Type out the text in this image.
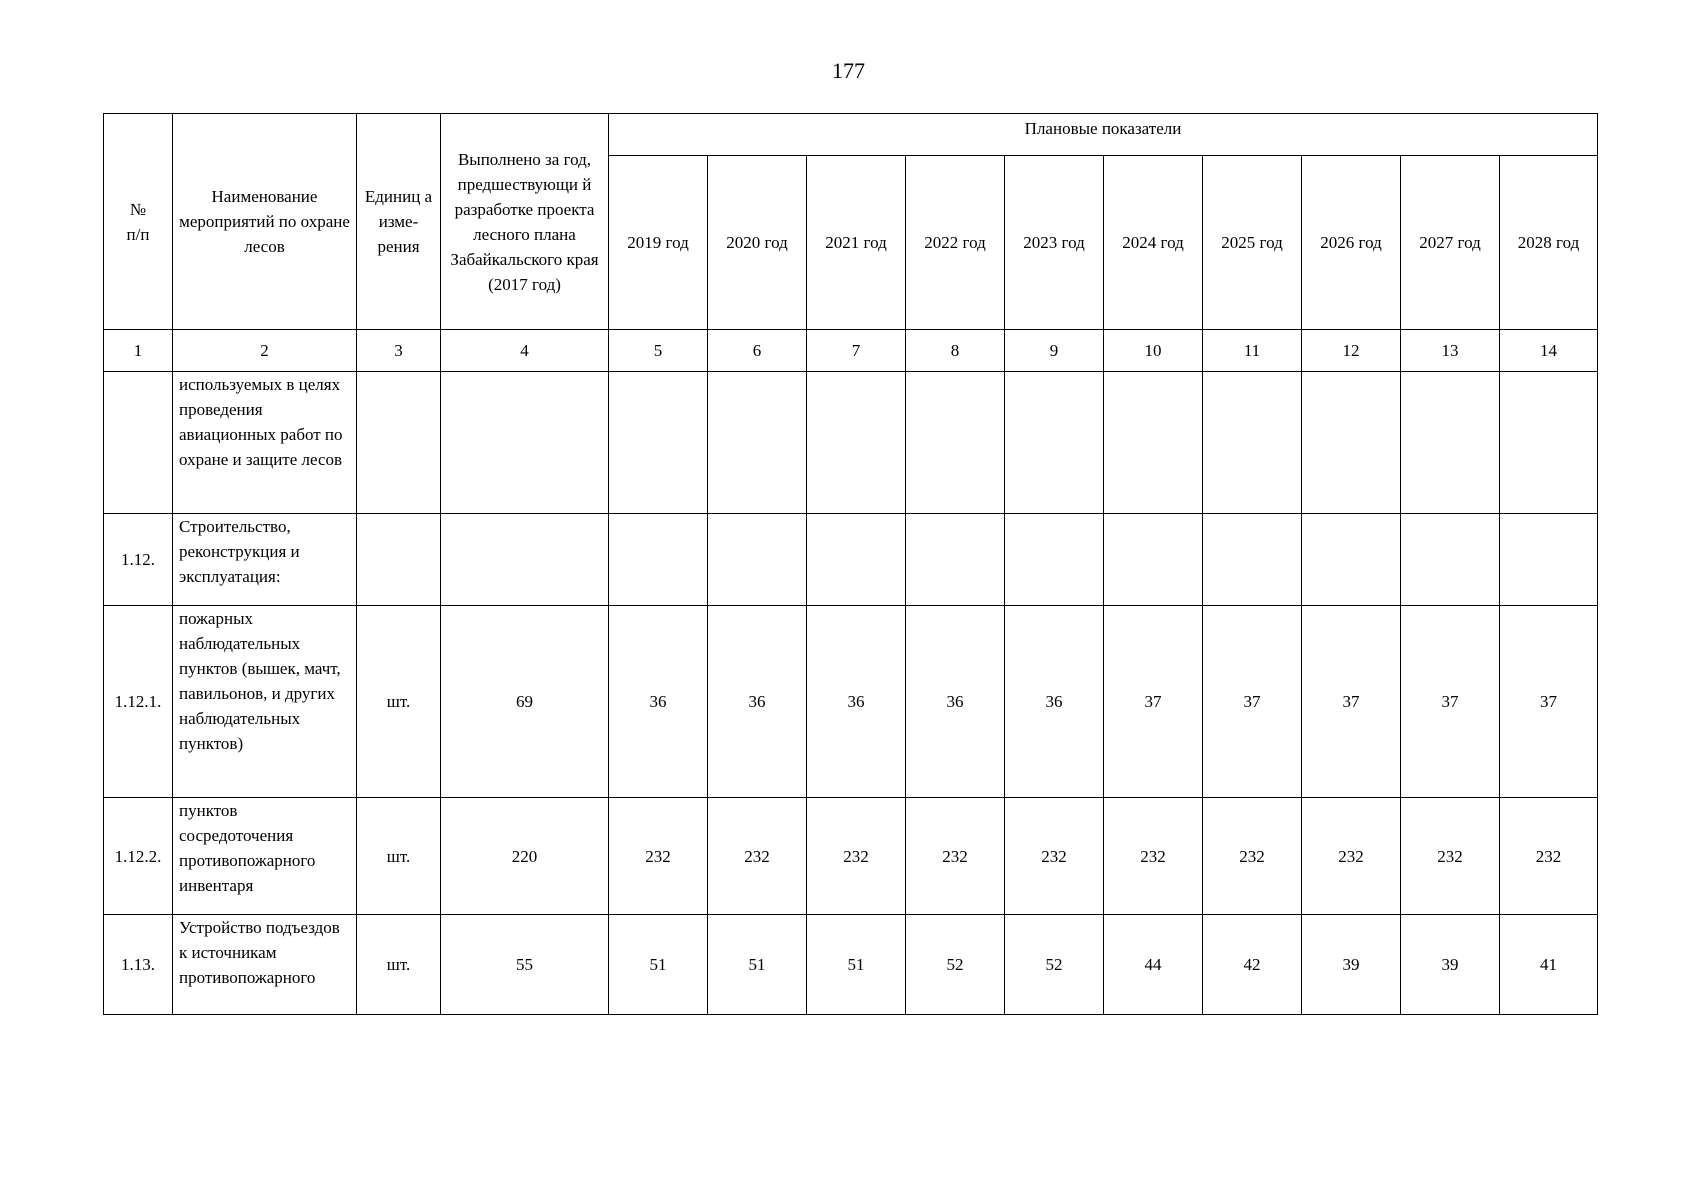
177
№
п/п	Наименование мероприятий по охране лесов	Единиц а изме-рения	Выполнено за год, предшествующи й разработке проекта лесного плана Забайкальского края (2017 год)	Плановые показатели									
				2019 год	2020 год	2021 год	2022 год	2023 год	2024 год	2025 год	2026 год	2027 год	2028 год
1	2	3	4	5	6	7	8	9	10	11	12	13	14
	используемых в целях проведения авиационных работ по охране и защите лесов												
1.12.	Строительство, реконструкция и эксплуатация:												
1.12.1.	пожарных наблюдательных пунктов (вышек, мачт, павильонов, и других наблюдательных пунктов)	шт.	69	36	36	36	36	36	37	37	37	37	37
1.12.2.	пунктов сосредоточения противопожарного инвентаря	шт.	220	232	232	232	232	232	232	232	232	232	232
1.13.	Устройство подъездов к источникам противопожарного	шт.	55	51	51	51	52	52	44	42	39	39	41
